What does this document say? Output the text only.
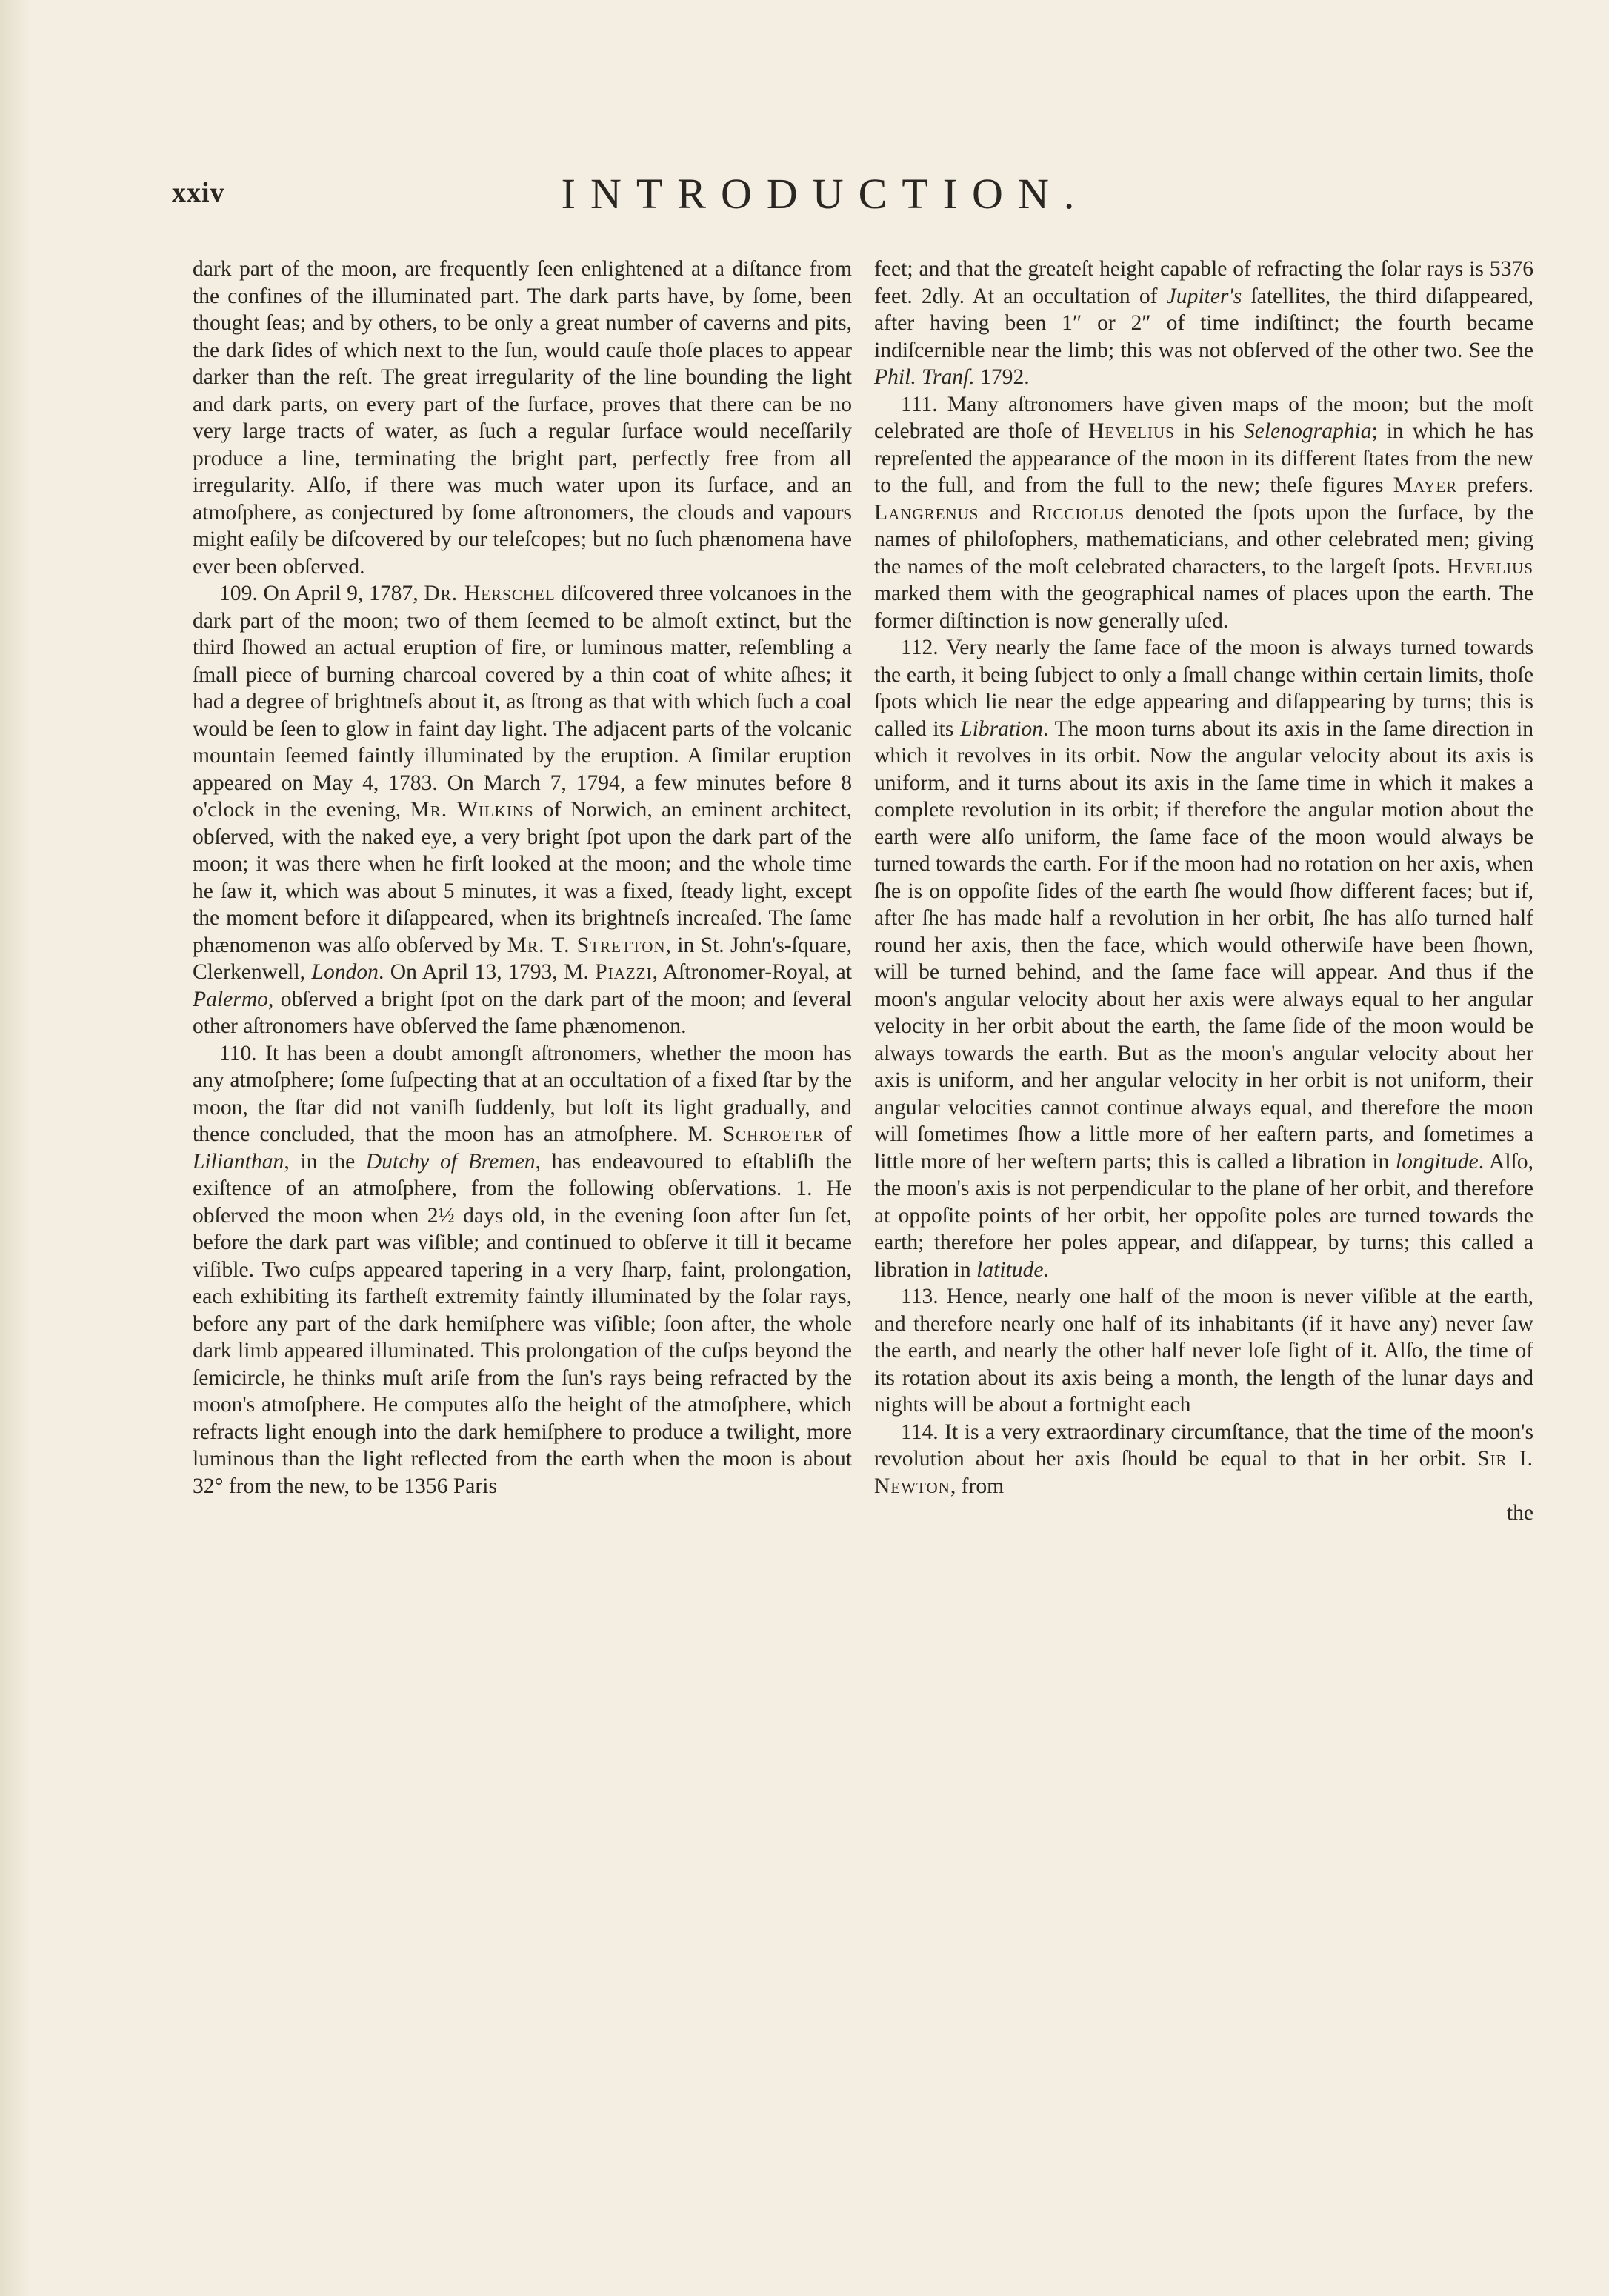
xxiv	INTRODUCTION.

dark part of the moon, are frequently ſeen enlightened at a diſtance from the confines of the illuminated part. The dark parts have, by ſome, been thought ſeas; and by others, to be only a great number of caverns and pits, the dark ſides of which next to the ſun, would cauſe thoſe places to appear darker than the reſt. The great irregularity of the line bounding the light and dark parts, on every part of the ſurface, proves that there can be no very large tracts of water, as ſuch a regular ſurface would neceſſarily produce a line, terminating the bright part, perfectly free from all irregularity. Alſo, if there was much water upon its ſurface, and an atmoſphere, as conjectured by ſome aſtronomers, the clouds and vapours might eaſily be diſcovered by our teleſcopes; but no ſuch phænomena have ever been obſerved.

109. On April 9, 1787, Dr. Herschel diſcovered three volcanoes in the dark part of the moon; two of them ſeemed to be almoſt extinct, but the third ſhowed an actual eruption of fire, or luminous matter, reſembling a ſmall piece of burning charcoal covered by a thin coat of white aſhes; it had a degree of brightneſs about it, as ſtrong as that with which ſuch a coal would be ſeen to glow in faint day light. The adjacent parts of the volcanic mountain ſeemed faintly illuminated by the eruption. A ſimilar eruption appeared on May 4, 1783. On March 7, 1794, a few minutes before 8 o'clock in the evening, Mr. Wilkins of Norwich, an eminent architect, obſerved, with the naked eye, a very bright ſpot upon the dark part of the moon; it was there when he firſt looked at the moon; and the whole time he ſaw it, which was about 5 minutes, it was a fixed, ſteady light, except the moment before it diſappeared, when its brightneſs increaſed. The ſame phænomenon was alſo obſerved by Mr. T. Stretton, in St. John's-ſquare, Clerkenwell, London. On April 13, 1793, M. Piazzi, Aſtronomer-Royal, at Palermo, obſerved a bright ſpot on the dark part of the moon; and ſeveral other aſtronomers have obſerved the ſame phænomenon.

110. It has been a doubt amongſt aſtronomers, whether the moon has any atmoſphere; ſome ſuſpecting that at an occultation of a fixed ſtar by the moon, the ſtar did not vaniſh ſuddenly, but loſt its light gradually, and thence concluded, that the moon has an atmoſphere. M. Schroeter of Lilianthan, in the Dutchy of Bremen, has endeavoured to eſtabliſh the exiſtence of an atmoſphere, from the following obſervations. 1. He obſerved the moon when 2½ days old, in the evening ſoon after ſun ſet, before the dark part was viſible; and continued to obſerve it till it became viſible. Two cuſps appeared tapering in a very ſharp, faint, prolongation, each exhibiting its fartheſt extremity faintly illuminated by the ſolar rays, before any part of the dark hemiſphere was viſible; ſoon after, the whole dark limb appeared illuminated. This prolongation of the cuſps beyond the ſemicircle, he thinks muſt ariſe from the ſun's rays being refracted by the moon's atmoſphere. He computes alſo the height of the atmoſphere, which refracts light enough into the dark hemiſphere to produce a twilight, more luminous than the light reflected from the earth when the moon is about 32° from the new, to be 1356 Paris

feet; and that the greateſt height capable of refracting the ſolar rays is 5376 feet. 2dly. At an occultation of Jupiter's ſatellites, the third diſappeared, after having been 1″ or 2″ of time indiſtinct; the fourth became indiſcernible near the limb; this was not obſerved of the other two. See the Phil. Tranſ. 1792.

111. Many aſtronomers have given maps of the moon; but the moſt celebrated are thoſe of Hevelius in his Selenographia; in which he has repreſented the appearance of the moon in its different ſtates from the new to the full, and from the full to the new; theſe figures Mayer prefers. Langrenus and Ricciolus denoted the ſpots upon the ſurface, by the names of philoſophers, mathematicians, and other celebrated men; giving the names of the moſt celebrated characters, to the largeſt ſpots. Hevelius marked them with the geographical names of places upon the earth. The former diſtinction is now generally uſed.

112. Very nearly the ſame face of the moon is always turned towards the earth, it being ſubject to only a ſmall change within certain limits, thoſe ſpots which lie near the edge appearing and diſappearing by turns; this is called its Libration. The moon turns about its axis in the ſame direction in which it revolves in its orbit. Now the angular velocity about its axis is uniform, and it turns about its axis in the ſame time in which it makes a complete revolution in its orbit; if therefore the angular motion about the earth were alſo uniform, the ſame face of the moon would always be turned towards the earth. For if the moon had no rotation on her axis, when ſhe is on oppoſite ſides of the earth ſhe would ſhow different faces; but if, after ſhe has made half a revolution in her orbit, ſhe has alſo turned half round her axis, then the face, which would otherwiſe have been ſhown, will be turned behind, and the ſame face will appear. And thus if the moon's angular velocity about her axis were always equal to her angular velocity in her orbit about the earth, the ſame ſide of the moon would be always towards the earth. But as the moon's angular velocity about her axis is uniform, and her angular velocity in her orbit is not uniform, their angular velocities cannot continue always equal, and therefore the moon will ſometimes ſhow a little more of her eaſtern parts, and ſometimes a little more of her weſtern parts; this is called a libration in longitude. Alſo, the moon's axis is not perpendicular to the plane of her orbit, and therefore at oppoſite points of her orbit, her oppoſite poles are turned towards the earth; therefore her poles appear, and diſappear, by turns; this called a libration in latitude.

113. Hence, nearly one half of the moon is never viſible at the earth, and therefore nearly one half of its inhabitants (if it have any) never ſaw the earth, and nearly the other half never loſe ſight of it. Alſo, the time of its rotation about its axis being a month, the length of the lunar days and nights will be about a fortnight each

114. It is a very extraordinary circumſtance, that the time of the moon's revolution about her axis ſhould be equal to that in her orbit. Sir I. Newton, from

the
